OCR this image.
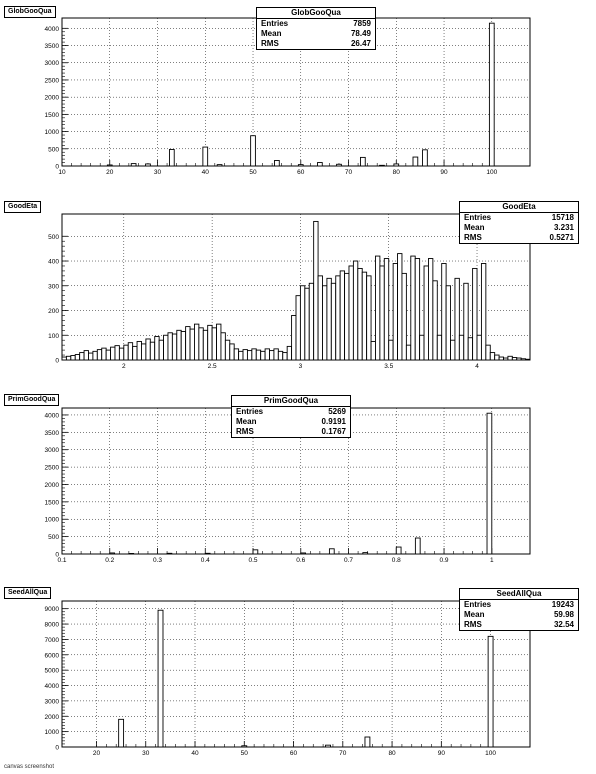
0
500
1000
1500
2000
2500
3000
3500
4000
10	20	30	40	50	60	70	80	90	100
0
100
200
300
400
500
2	2.5	3	3.5	4
0
500
1000
1500
2000
2500
3000
3500
4000
0.1	0.2	0.3	0.4	0.5	0.6	0.7	0.8	0.9	1
0
1000
2000
3000
4000
5000
6000
7000
8000
9000
20	30	40	50	60	70	80	90	100
GlobGooQua
GoodEta
PrimGoodQua
SeedAllQua
GlobGooQua
Entries	7859
Mean	78.49
RMS	26.47
GoodEta
Entries	15718
Mean	3.231
RMS	0.5271
PrimGoodQua
Entries	5269
Mean	0.9191
RMS	0.1767
SeedAllQua
Entries	19243
Mean	59.98
RMS	32.54
canvas screenshot
